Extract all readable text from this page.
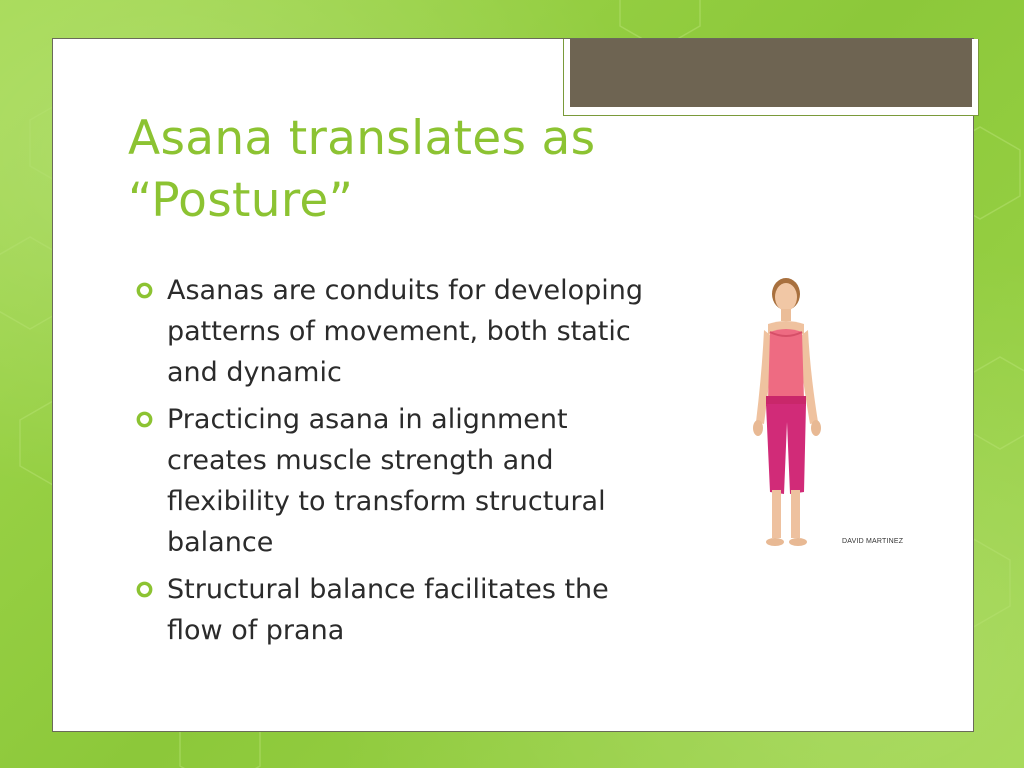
Asana translates as
“Posture”
Asanas are conduits for developing patterns of movement, both static and dynamic
Practicing asana in alignment creates muscle strength and flexibility to transform structural balance
Structural balance facilitates the flow of prana
DAVID MARTINEZ
